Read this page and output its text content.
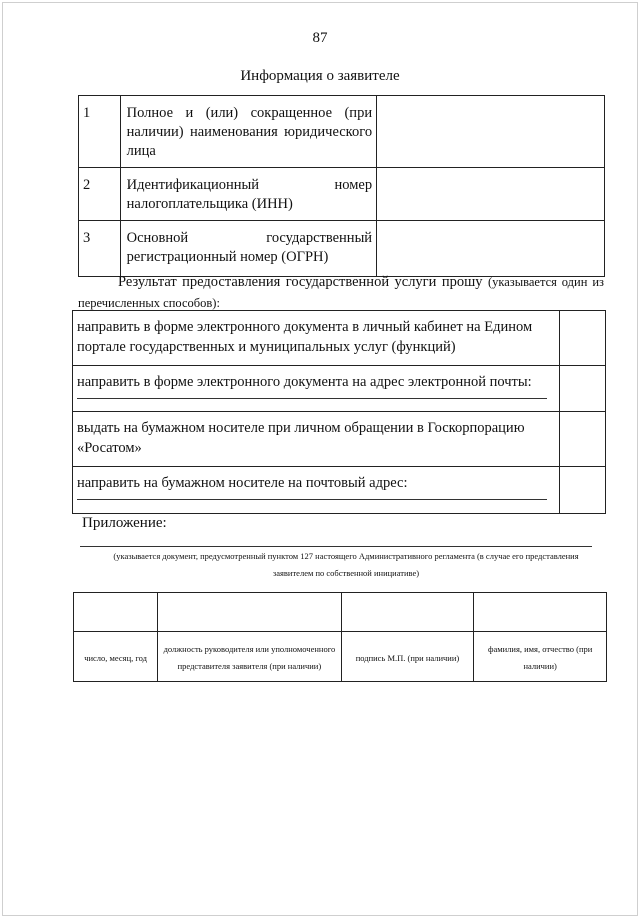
87
Информация о заявителе
1	Полное и (или) сокращенное (при наличии) наименования юридического лица	
2	Идентификационный номер налогоплательщика (ИНН)	
3	Основной государственный регистрационный номер (ОГРН)	
Результат предоставления государственной услуги прошу (указывается один из перечисленных способов):
направить в форме электронного документа в личный кабинет на Едином портале государственных и муниципальных услуг (функций)	

направить в форме электронного документа на адрес электронной почты:	

выдать на бумажном носителе при личном обращении в Госкорпорацию «Росатом»	

направить на бумажном носителе на почтовый адрес:	

Приложение:
(указывается документ, предусмотренный пунктом 127 настоящего Административного регламента (в случае его представления заявителем по собственной инициативе)

число, месяц, год	должность руководителя или уполномоченного представителя заявителя (при наличии)	подпись М.П. (при наличии)	фамилия, имя, отчество (при наличии)
